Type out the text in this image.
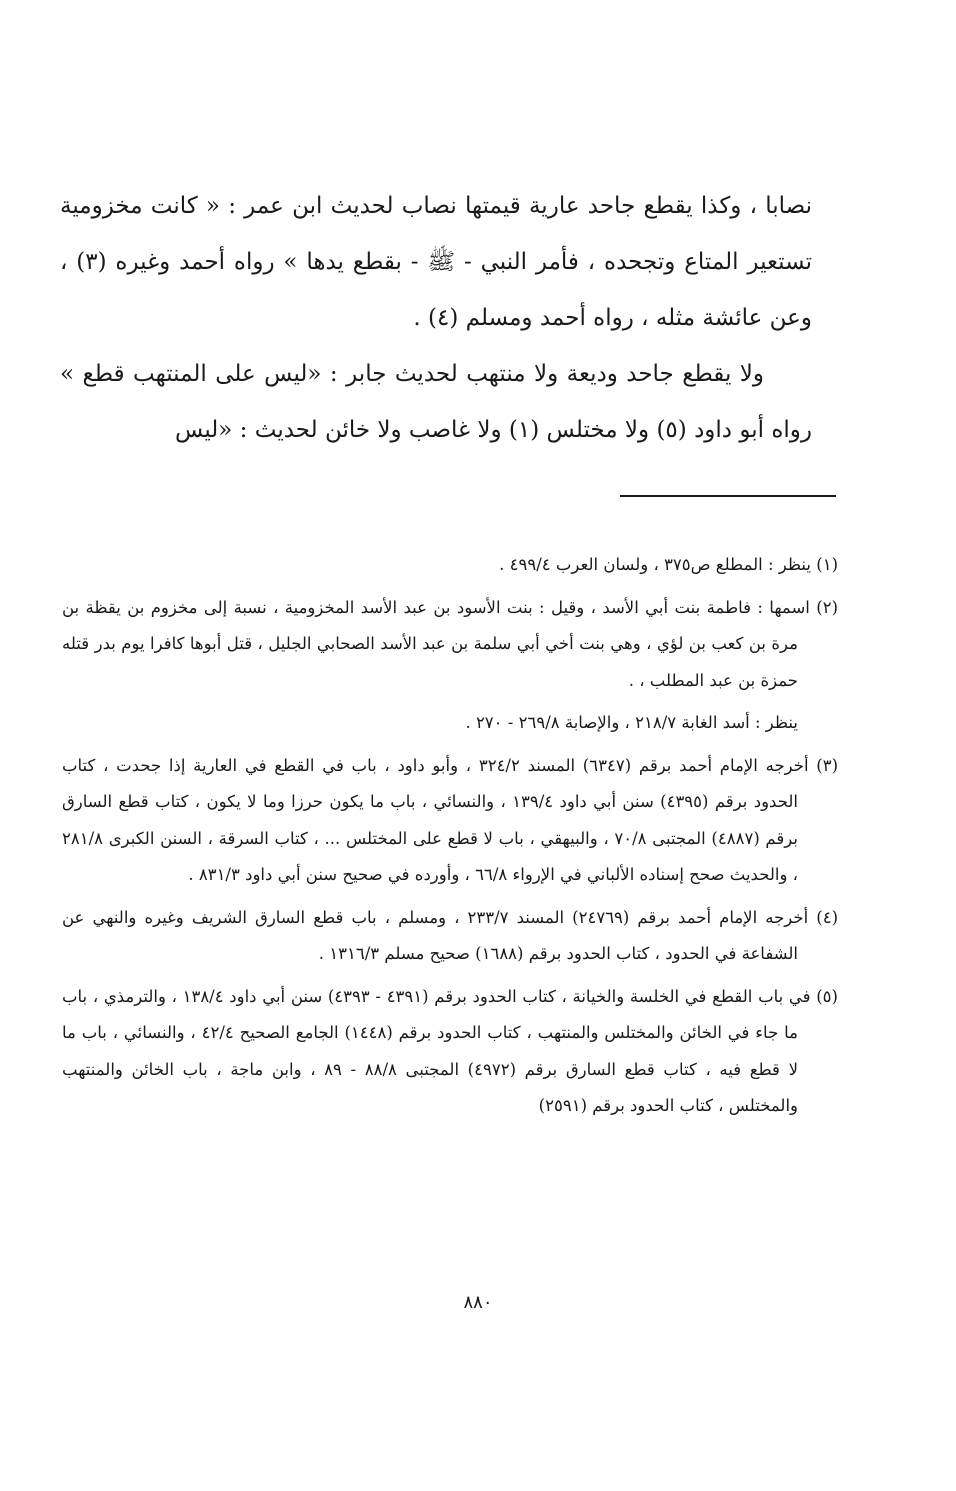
نصابا ، وكذا يقطع جاحد عارية قيمتها نصاب لحديث ابن عمر : « كانت مخزومية تستعير المتاع وتجحده ، فأمر النبي - ﷺ - بقطع يدها » رواه أحمد وغيره (٣) ، وعن عائشة مثله ، رواه أحمد ومسلم (٤) .

ولا يقطع جاحد وديعة ولا منتهب لحديث جابر : «ليس على المنتهب قطع » رواه أبو داود (٥) ولا مختلس (١) ولا غاصب ولا خائن لحديث : «ليس

(١) ينظر : المطلع ص٣٧٥ ، ولسان العرب ٤٩٩/٤ .

(٢) اسمها : فاطمة بنت أبي الأسد ، وقيل : بنت الأسود بن عبد الأسد المخزومية ، نسبة إلى مخزوم بن يقظة بن مرة بن كعب بن لؤي ، وهي بنت أخي أبي سلمة بن عبد الأسد الصحابي الجليل ، قتل أبوها كافرا يوم بدر قتله حمزة بن عبد المطلب ، .

ينظر : أسد الغابة ٢١٨/٧ ، والإصابة ٢٦٩/٨ - ٢٧٠ .

(٣) أخرجه الإمام أحمد برقم (٦٣٤٧) المسند ٣٢٤/٢ ، وأبو داود ، باب في القطع في العارية إذا جحدت ، كتاب الحدود برقم (٤٣٩٥) سنن أبي داود ١٣٩/٤ ، والنسائي ، باب ما يكون حرزا وما لا يكون ، كتاب قطع السارق برقم (٤٨٨٧) المجتبى ٧٠/٨ ، والبيهقي ، باب لا قطع على المختلس ... ، كتاب السرقة ، السنن الكبرى ٢٨١/٨ ، والحديث صحح إسناده الألباني في الإرواء ٦٦/٨ ، وأورده في صحيح سنن أبي داود ٨٣١/٣ .

(٤) أخرجه الإمام أحمد برقم (٢٤٧٦٩) المسند ٢٣٣/٧ ، ومسلم ، باب قطع السارق الشريف وغيره والنهي عن الشفاعة في الحدود ، كتاب الحدود برقم (١٦٨٨) صحيح مسلم ١٣١٦/٣ .

(٥) في باب القطع في الخلسة والخيانة ، كتاب الحدود برقم (٤٣٩١ - ٤٣٩٣) سنن أبي داود ١٣٨/٤ ، والترمذي ، باب ما جاء في الخائن والمختلس والمنتهب ، كتاب الحدود برقم (١٤٤٨) الجامع الصحيح ٤٢/٤ ، والنسائي ، باب ما لا قطع فيه ، كتاب قطع السارق برقم (٤٩٧٢) المجتبى ٨٨/٨ - ٨٩ ، وابن ماجة ، باب الخائن والمنتهب والمختلس ، كتاب الحدود برقم (٢٥٩١)

٨٨٠
